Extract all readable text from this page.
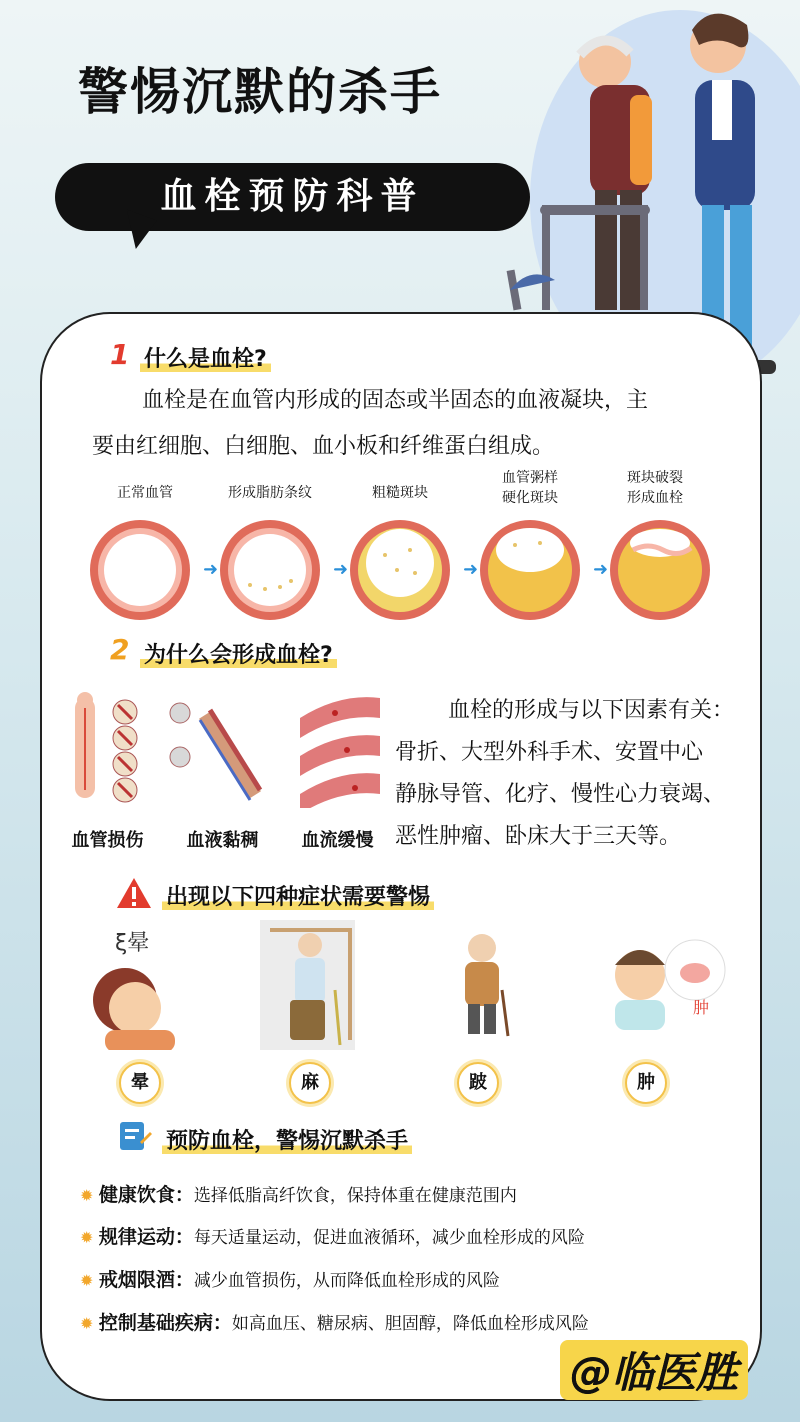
警惕沉默的杀手
血栓预防科普
1 什么是血栓?
血栓是在血管内形成的固态或半固态的血液凝块，主
要由红细胞、白细胞、血小板和纤维蛋白组成。
正常血管	形成脂肪条纹	粗糙斑块
血管粥样
硬化斑块
斑块破裂
形成血栓
➜	➜	➜	➜
2 为什么会形成血栓?
血管损伤	血液黏稠	血流缓慢
血栓的形成与以下因素有关：
骨折、大型外科手术、安置中心
静脉导管、化疗、慢性心力衰竭、
恶性肿瘤、卧床大于三天等。
出现以下四种症状需要警惕
ξ晕
肿
晕	麻	跛	肿
预防血栓，警惕沉默杀手
✹ 健康饮食：选择低脂高纤饮食，保持体重在健康范围内
✹ 规律运动：每天适量运动，促进血液循环，减少血栓形成的风险
✹ 戒烟限酒：减少血管损伤，从而降低血栓形成的风险
✹ 控制基础疾病：如高血压、糖尿病、胆固醇，降低血栓形成风险
@临医胜
